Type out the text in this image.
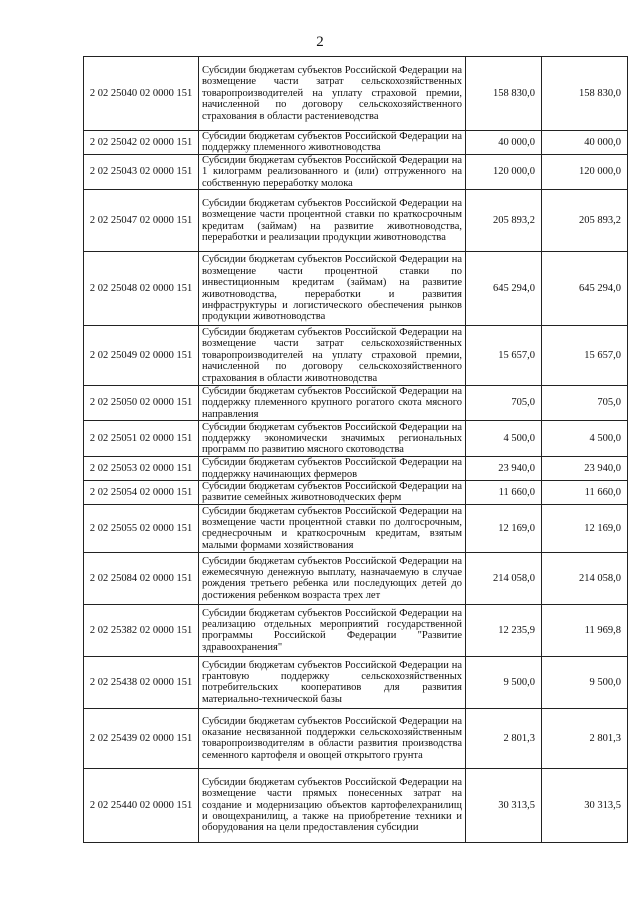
2
2 02 25040 02 0000 151	Субсидии бюджетам субъектов Российской Федерации на возмещение части затрат сельскохозяйственных товаропроизводителей на уплату страховой премии, начисленной по договору сельскохозяйственного страхования в области растениеводства	158 830,0	158 830,0
2 02 25042 02 0000 151	Субсидии бюджетам субъектов Российской Федерации на поддержку племенного животноводства	40 000,0	40 000,0
2 02 25043 02 0000 151	Субсидии бюджетам субъектов Российской Федерации на 1 килограмм реализованного и (или) отгруженного на собственную переработку молока	120 000,0	120 000,0
2 02 25047 02 0000 151	Субсидии бюджетам субъектов Российской Федерации на возмещение части процентной ставки по краткосрочным кредитам (займам) на развитие животноводства, переработки и реализации продукции животноводства	205 893,2	205 893,2
2 02 25048 02 0000 151	Субсидии бюджетам субъектов Российской Федерации на возмещение части процентной ставки по инвестиционным кредитам (займам) на развитие животноводства, переработки и развития инфраструктуры и логистического обеспечения рынков продукции животноводства	645 294,0	645 294,0
2 02 25049 02 0000 151	Субсидии бюджетам субъектов Российской Федерации на возмещение части затрат сельскохозяйственных товаропроизводителей на уплату страховой премии, начисленной по договору сельскохозяйственного страхования в области животноводства	15 657,0	15 657,0
2 02 25050 02 0000 151	Субсидии бюджетам субъектов Российской Федерации на поддержку племенного крупного рогатого скота мясного направления	705,0	705,0
2 02 25051 02 0000 151	Субсидии бюджетам субъектов Российской Федерации на поддержку экономически значимых региональных программ по развитию мясного скотоводства	4 500,0	4 500,0
2 02 25053 02 0000 151	Субсидии бюджетам субъектов Российской Федерации на поддержку начинающих фермеров	23 940,0	23 940,0
2 02 25054 02 0000 151	Субсидии бюджетам субъектов Российской Федерации на развитие семейных животноводческих ферм	11 660,0	11 660,0
2 02 25055 02 0000 151	Субсидии бюджетам субъектов Российской Федерации на возмещение части процентной ставки по долгосрочным, среднесрочным и краткосрочным кредитам, взятым малыми формами хозяйствования	12 169,0	12 169,0
2 02 25084 02 0000 151	Субсидии бюджетам субъектов Российской Федерации на ежемесячную денежную выплату, назначаемую в случае рождения третьего ребенка или последующих детей до достижения ребенком возраста трех лет	214 058,0	214 058,0
2 02 25382 02 0000 151	Субсидии бюджетам субъектов Российской Федерации на реализацию отдельных мероприятий государственной программы Российской Федерации "Развитие здравоохранения"	12 235,9	11 969,8
2 02 25438 02 0000 151	Субсидии бюджетам субъектов Российской Федерации на грантовую поддержку сельскохозяйственных потребительских кооперативов для развития материально-технической базы	9 500,0	9 500,0
2 02 25439 02 0000 151	Субсидии бюджетам субъектов Российской Федерации на оказание несвязанной поддержки сельскохозяйственным товаропроизводителям в области развития производства семенного картофеля и овощей открытого грунта	2 801,3	2 801,3
2 02 25440 02 0000 151	Субсидии бюджетам субъектов Российской Федерации на возмещение части прямых понесенных затрат на создание и модернизацию объектов картофелехранилищ и овощехранилищ, а также на приобретение техники и оборудования на цели предоставления субсидии	30 313,5	30 313,5
